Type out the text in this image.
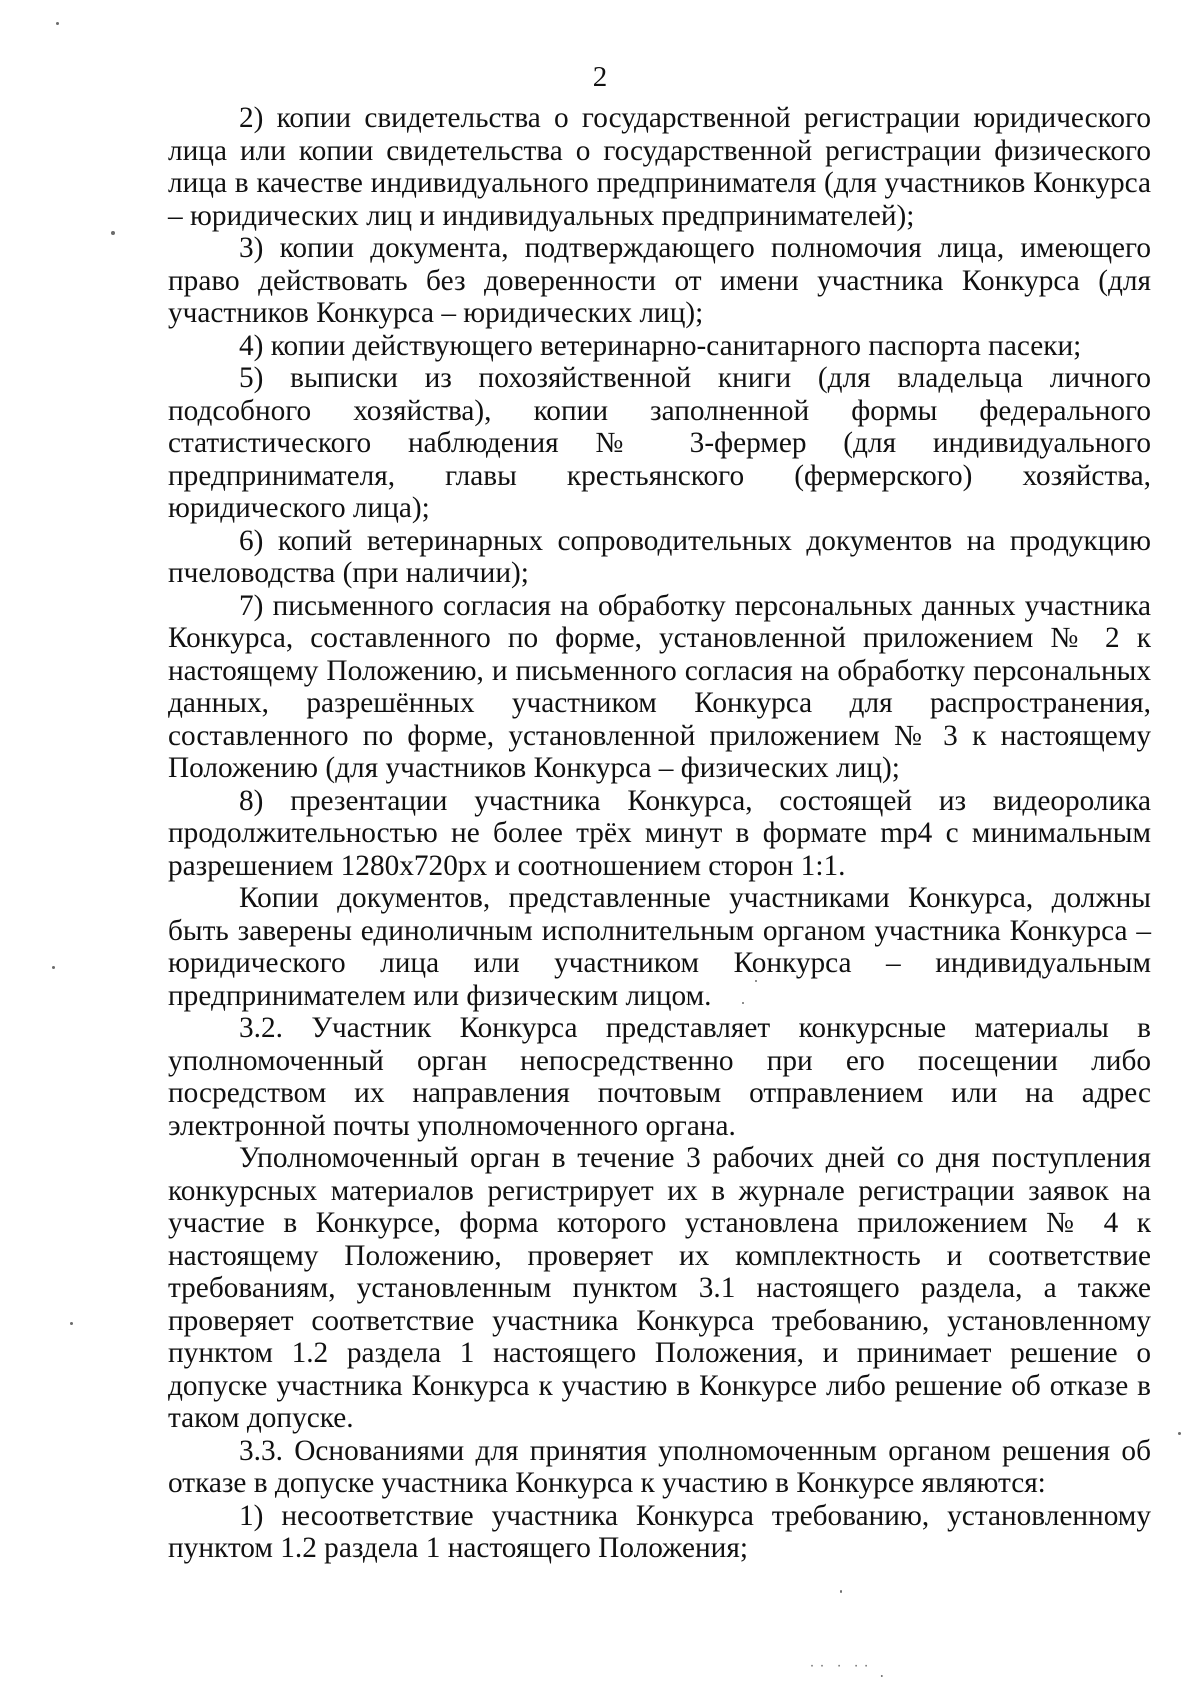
2

2) копии свидетельства о государственной регистрации юридического лица или копии свидетельства о государственной регистрации физического лица в качестве индивидуального предпринимателя (для участников Конкурса – юридических лиц и индивидуальных предпринимателей);

3) копии документа, подтверждающего полномочия лица, имеющего право действовать без доверенности от имени участника Конкурса (для участников Конкурса – юридических лиц);

4) копии действующего ветеринарно-санитарного паспорта пасеки;

5) выписки из похозяйственной книги (для владельца личного подсобного хозяйства), копии заполненной формы федерального статистического наблюдения № 3-фермер (для индивидуального предпринимателя, главы крестьянского (фермерского) хозяйства, юридического лица);

6) копий ветеринарных сопроводительных документов на продукцию пчеловодства (при наличии);

7) письменного согласия на обработку персональных данных участника Конкурса, составленного по форме, установленной приложением № 2 к настоящему Положению, и письменного согласия на обработку персональных данных, разрешённых участником Конкурса для распространения, составленного по форме, установленной приложением № 3 к настоящему Положению (для участников Конкурса – физических лиц);

8) презентации участника Конкурса, состоящей из видеоролика продолжительностью не более трёх минут в формате mp4 с минимальным разрешением 1280x720px и соотношением сторон 1:1.

Копии документов, представленные участниками Конкурса, должны быть заверены единоличным исполнительным органом участника Конкурса – юридического лица или участником Конкурса – индивидуальным предпринимателем или физическим лицом.

3.2. Участник Конкурса представляет конкурсные материалы в уполномоченный орган непосредственно при его посещении либо посредством их направления почтовым отправлением или на адрес электронной почты уполномоченного органа.

Уполномоченный орган в течение 3 рабочих дней со дня поступления конкурсных материалов регистрирует их в журнале регистрации заявок на участие в Конкурсе, форма которого установлена приложением № 4 к настоящему Положению, проверяет их комплектность и соответствие требованиям, установленным пунктом 3.1 настоящего раздела, а также проверяет соответствие участника Конкурса требованию, установленному пунктом 1.2 раздела 1 настоящего Положения, и принимает решение о допуске участника Конкурса к участию в Конкурсе либо решение об отказе в таком допуске.

3.3. Основаниями для принятия уполномоченным органом решения об отказе в допуске участника Конкурса к участию в Конкурсе являются:

1) несоответствие участника Конкурса требованию, установленному пунктом 1.2 раздела 1 настоящего Положения;

˙˙ ˙ ˙˙ .
